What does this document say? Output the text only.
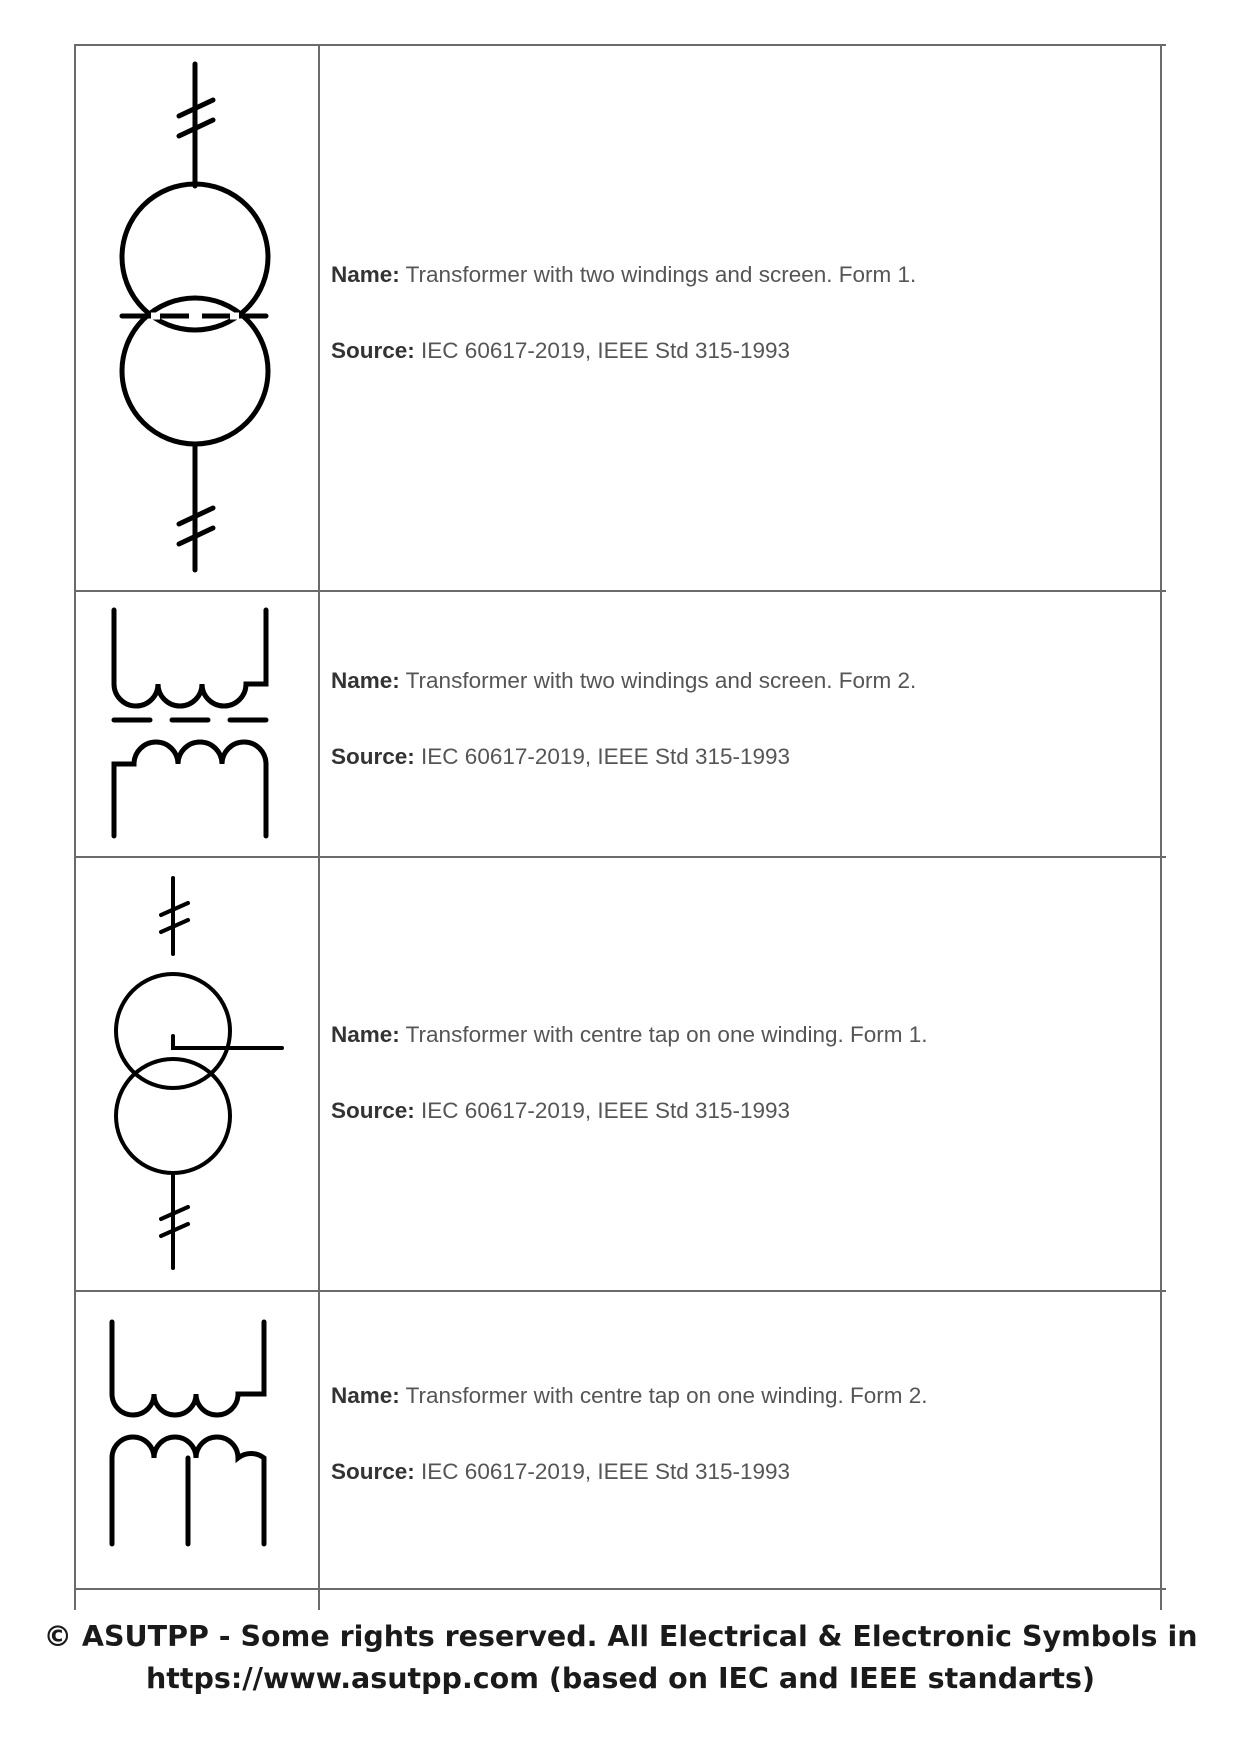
Name: Transformer with two windings and screen. Form 1.
Source: IEC 60617-2019, IEEE Std 315-1993
Name: Transformer with two windings and screen. Form 2.
Source: IEC 60617-2019, IEEE Std 315-1993
Name: Transformer with centre tap on one winding. Form 1.
Source: IEC 60617-2019, IEEE Std 315-1993
Name: Transformer with centre tap on one winding. Form 2.
Source: IEC 60617-2019, IEEE Std 315-1993
© ASUTPP - Some rights reserved. All Electrical & Electronic Symbols in
https://www.asutpp.com (based on IEC and IEEE standarts)
